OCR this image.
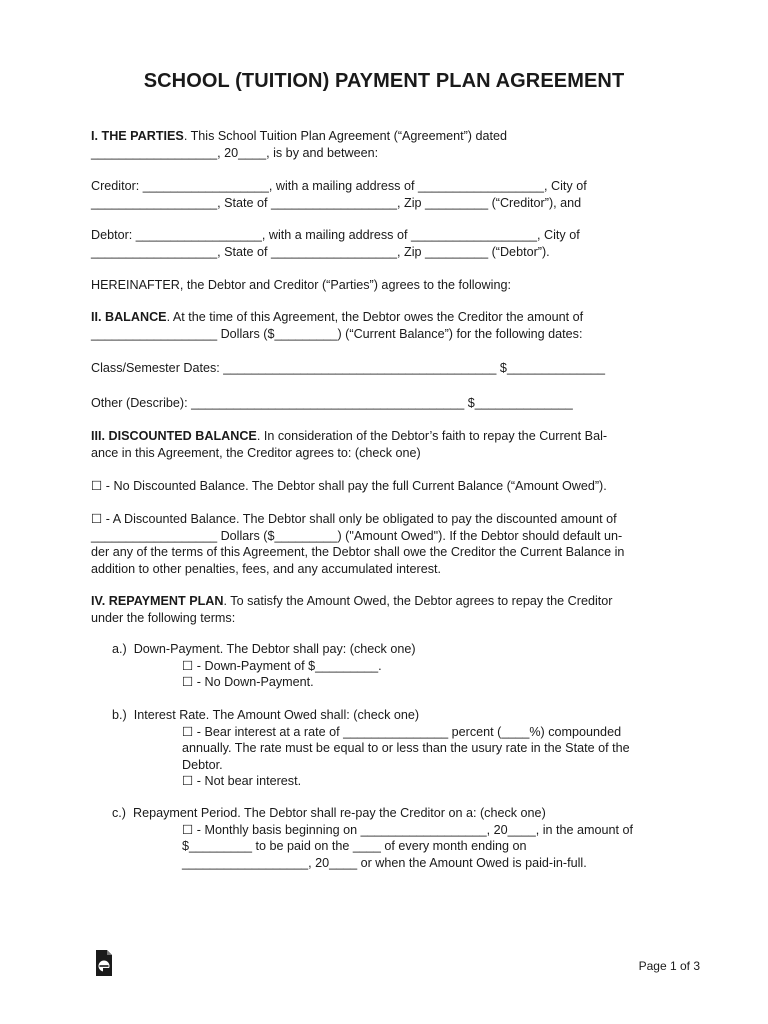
SCHOOL (TUITION) PAYMENT PLAN AGREEMENT
I. THE PARTIES. This School Tuition Plan Agreement (“Agreement”) dated
__________________, 20____, is by and between:
Creditor: __________________, with a mailing address of __________________, City of
__________________, State of __________________, Zip _________ (“Creditor”), and
Debtor: __________________, with a mailing address of __________________, City of
__________________, State of __________________, Zip _________ (“Debtor”).
HEREINAFTER, the Debtor and Creditor (“Parties”) agrees to the following:
II. BALANCE. At the time of this Agreement, the Debtor owes the Creditor the amount of
__________________ Dollars ($_________) (“Current Balance”) for the following dates:
Class/Semester Dates: _______________________________________ $______________
Other (Describe): _______________________________________ $______________
III. DISCOUNTED BALANCE. In consideration of the Debtor’s faith to repay the Current Bal-
ance in this Agreement, the Creditor agrees to: (check one)
☐ - No Discounted Balance. The Debtor shall pay the full Current Balance (“Amount Owed”).
☐ - A Discounted Balance. The Debtor shall only be obligated to pay the discounted amount of
__________________ Dollars ($_________) ("Amount Owed"). If the Debtor should default un-
der any of the terms of this Agreement, the Debtor shall owe the Creditor the Current Balance in
addition to other penalties, fees, and any accumulated interest.
IV. REPAYMENT PLAN. To satisfy the Amount Owed, the Debtor agrees to repay the Creditor
under the following terms:
a.)  Down-Payment. The Debtor shall pay: (check one)
☐ - Down-Payment of $_________.
☐ - No Down-Payment.
b.)  Interest Rate. The Amount Owed shall: (check one)
☐ - Bear interest at a rate of _______________ percent (____%) compounded
annually. The rate must be equal to or less than the usury rate in the State of the
Debtor.
☐ - Not bear interest.
c.)  Repayment Period. The Debtor shall re-pay the Creditor on a: (check one)
☐ - Monthly basis beginning on __________________, 20____, in the amount of
$_________ to be paid on the ____ of every month ending on
__________________, 20____ or when the Amount Owed is paid-in-full.
Page 1 of 3
